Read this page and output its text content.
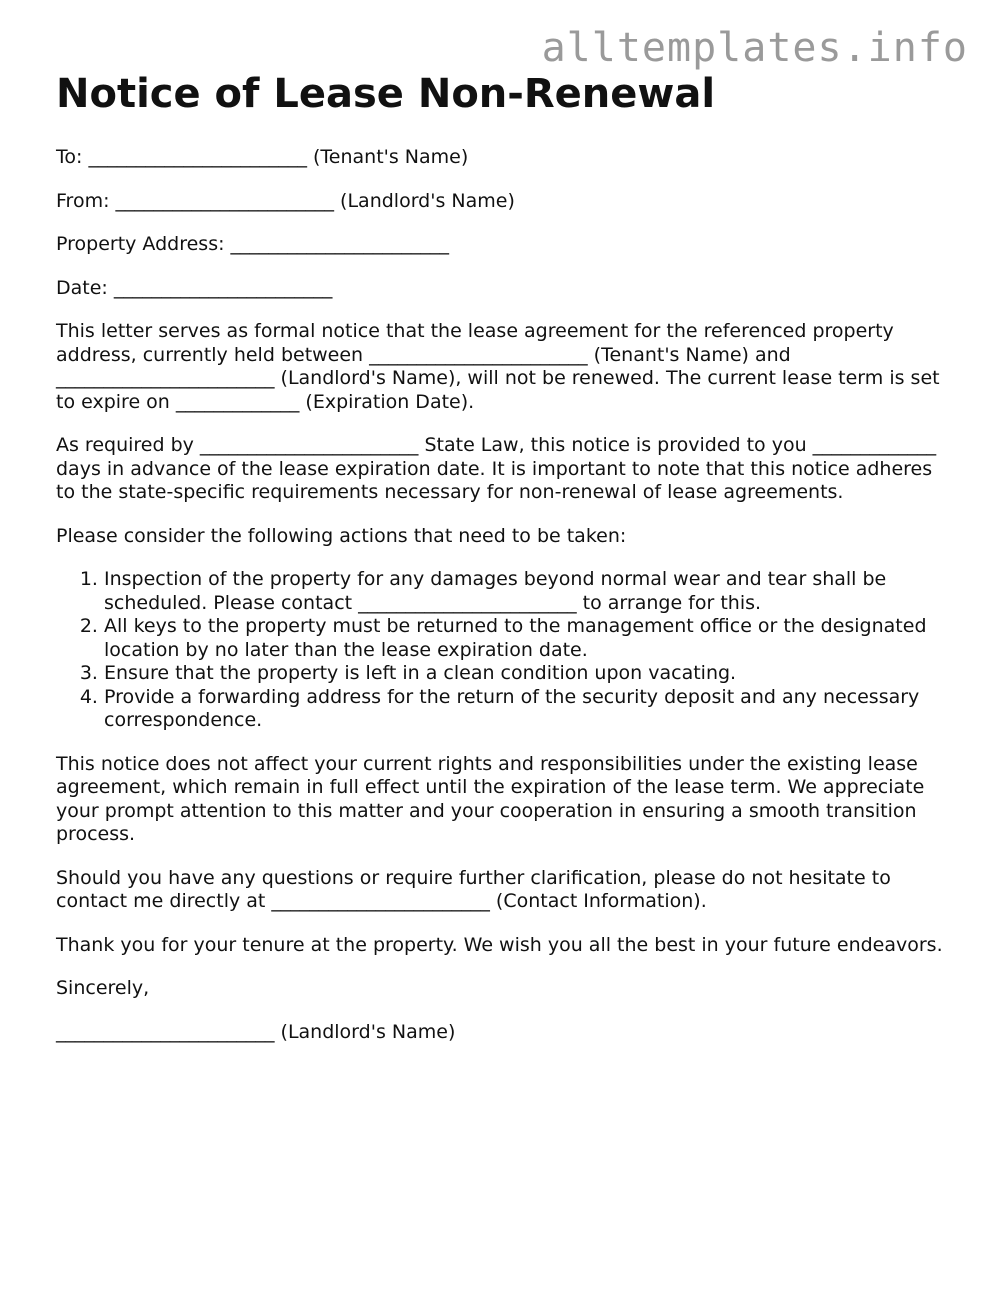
alltemplates.info
Notice of Lease Non-Renewal

To: _______________________ (Tenant's Name)

From: _______________________ (Landlord's Name)

Property Address: _______________________

Date: _______________________

This letter serves as formal notice that the lease agreement for the referenced property address, currently held between _______________________ (Tenant's Name) and _______________________ (Landlord's Name), will not be renewed. The current lease term is set to expire on _____________ (Expiration Date).

As required by _______________________ State Law, this notice is provided to you _____________ days in advance of the lease expiration date. It is important to note that this notice adheres to the state-specific requirements necessary for non-renewal of lease agreements.

Please consider the following actions that need to be taken:

1. Inspection of the property for any damages beyond normal wear and tear shall be scheduled. Please contact _______________________ to arrange for this.
2. All keys to the property must be returned to the management office or the designated location by no later than the lease expiration date.
3. Ensure that the property is left in a clean condition upon vacating.
4. Provide a forwarding address for the return of the security deposit and any necessary correspondence.

This notice does not affect your current rights and responsibilities under the existing lease agreement, which remain in full effect until the expiration of the lease term. We appreciate your prompt attention to this matter and your cooperation in ensuring a smooth transition process.

Should you have any questions or require further clarification, please do not hesitate to contact me directly at _______________________ (Contact Information).

Thank you for your tenure at the property. We wish you all the best in your future endeavors.

Sincerely,

_______________________ (Landlord's Name)
